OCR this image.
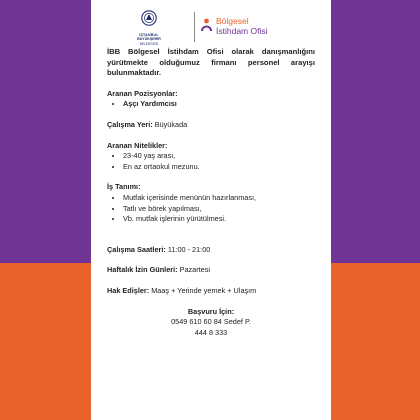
İSTANBUL
BÜYÜKŞEHİR
BELEDİYESİ
Bölgesel
İstihdam Ofisi

İBB Bölgesel İstihdam Ofisi olarak danışmanlığını yürütmekte olduğumuz firmanı personel arayışı bulunmaktadır.

Aranan Pozisyonlar:
• Aşçı Yardımcısı
Çalışma Yeri: Büyükada
Aranan Nitelikler:
• 23-40 yaş arası,
• En az ortaokul mezunu.
İş Tanımı:
• Mutfak içerisinde menünün hazırlanması,
• Tatlı ve börek yapılması,
• Vb. mutfak işlerinin yürütülmesi.
Çalışma Saatleri: 11:00 - 21:00
Haftalık İzin Günleri: Pazartesi
Hak Edişler: Maaş + Yerinde yemek + Ulaşım
Başvuru İçin:
0549 610 60 84 Sedef P.
444 8 333
